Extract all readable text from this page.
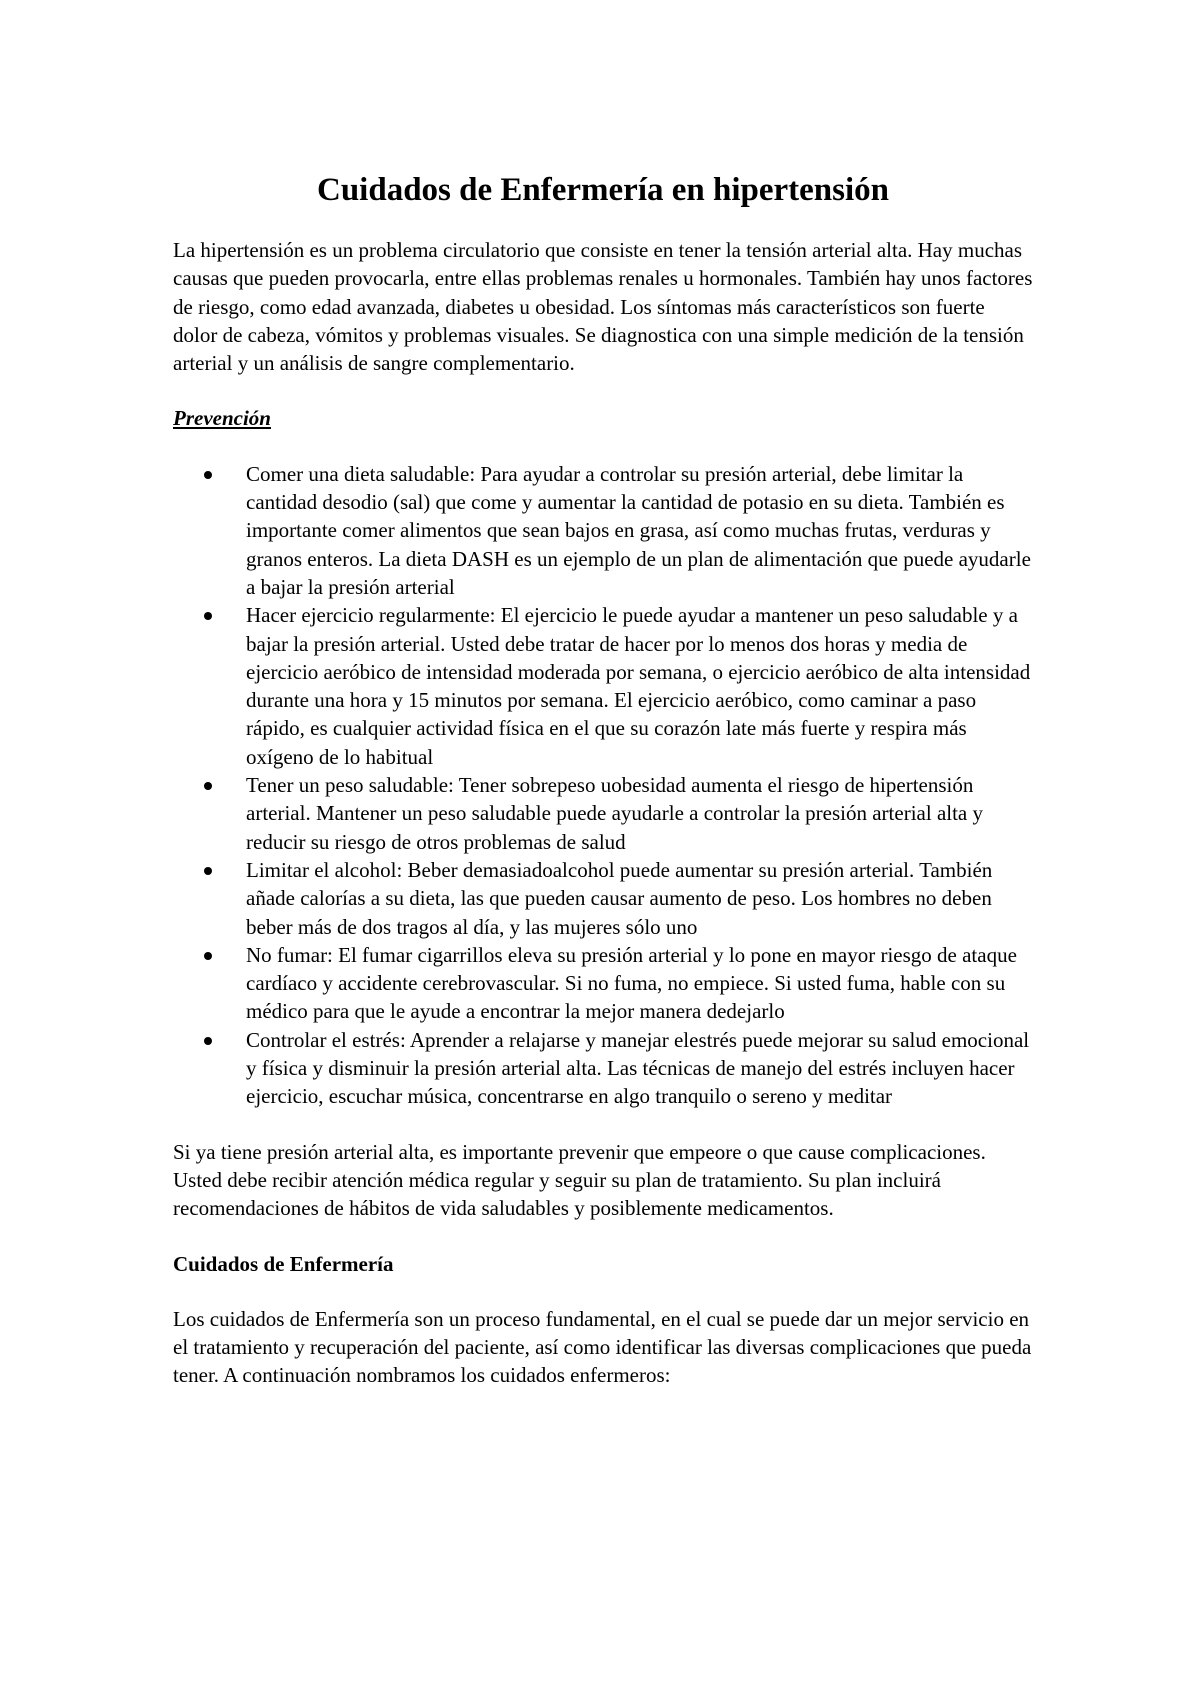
Cuidados de Enfermería en hipertensión

La hipertensión es un problema circulatorio que consiste en tener la tensión arterial alta. Hay muchas causas que pueden provocarla, entre ellas problemas renales u hormonales. También hay unos factores de riesgo, como edad avanzada, diabetes u obesidad. Los síntomas más característicos son fuerte dolor de cabeza, vómitos y problemas visuales. Se diagnostica con una simple medición de la tensión arterial y un análisis de sangre complementario.

Prevención

Comer una dieta saludable: Para ayudar a controlar su presión arterial, debe limitar la cantidad desodio (sal) que come y aumentar la cantidad de potasio en su dieta. También es importante comer alimentos que sean bajos en grasa, así como muchas frutas, verduras y granos enteros. La dieta DASH es un ejemplo de un plan de alimentación que puede ayudarle a bajar la presión arterial
Hacer ejercicio regularmente: El ejercicio le puede ayudar a mantener un peso saludable y a bajar la presión arterial. Usted debe tratar de hacer por lo menos dos horas y media de ejercicio aeróbico de intensidad moderada por semana, o ejercicio aeróbico de alta intensidad durante una hora y 15 minutos por semana. El ejercicio aeróbico, como caminar a paso rápido, es cualquier actividad física en el que su corazón late más fuerte y respira más oxígeno de lo habitual
Tener un peso saludable: Tener sobrepeso uobesidad aumenta el riesgo de hipertensión arterial. Mantener un peso saludable puede ayudarle a controlar la presión arterial alta y reducir su riesgo de otros problemas de salud
Limitar el alcohol: Beber demasiadoalcohol puede aumentar su presión arterial. También añade calorías a su dieta, las que pueden causar aumento de peso. Los hombres no deben beber más de dos tragos al día, y las mujeres sólo uno
No fumar: El fumar cigarrillos eleva su presión arterial y lo pone en mayor riesgo de ataque cardíaco y accidente cerebrovascular. Si no fuma, no empiece. Si usted fuma, hable con su médico para que le ayude a encontrar la mejor manera dedejarlo
Controlar el estrés: Aprender a relajarse y manejar elestrés puede mejorar su salud emocional y física y disminuir la presión arterial alta. Las técnicas de manejo del estrés incluyen hacer ejercicio, escuchar música, concentrarse en algo tranquilo o sereno y meditar

Si ya tiene presión arterial alta, es importante prevenir que empeore o que cause complicaciones. Usted debe recibir atención médica regular y seguir su plan de tratamiento. Su plan incluirá recomendaciones de hábitos de vida saludables y posiblemente medicamentos.

Cuidados de Enfermería

Los cuidados de Enfermería son un proceso fundamental, en el cual se puede dar un mejor servicio en el tratamiento y recuperación del paciente, así como identificar las diversas complicaciones que pueda tener. A continuación nombramos los cuidados enfermeros:
